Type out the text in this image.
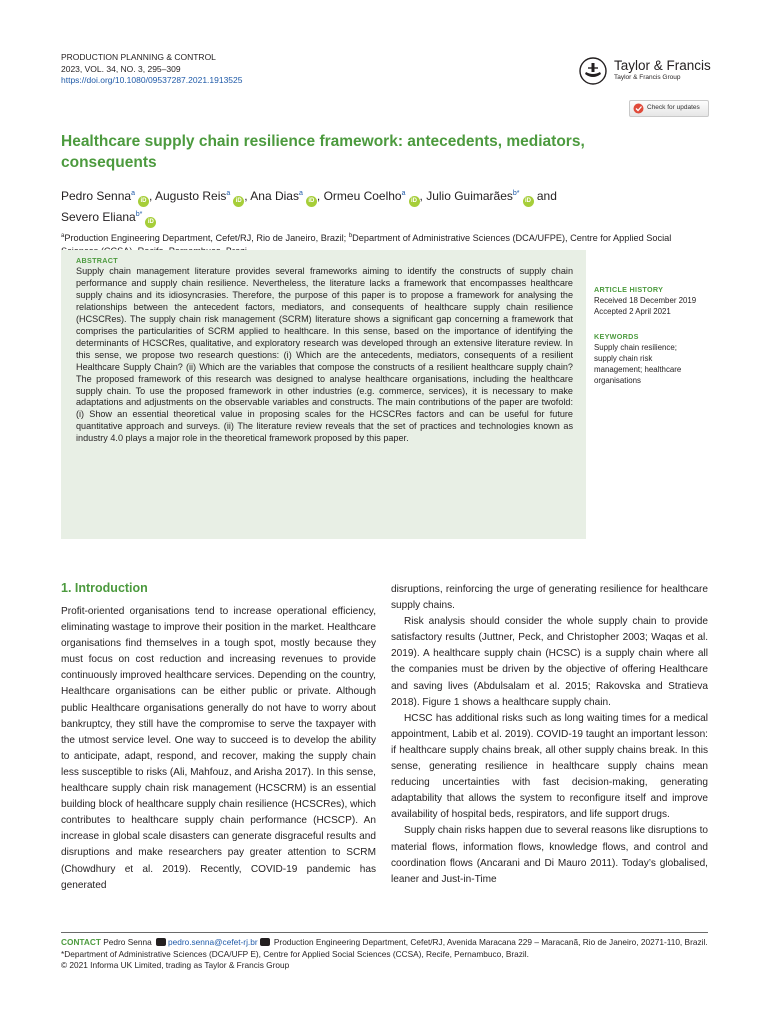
PRODUCTION PLANNING & CONTROL
2023, VOL. 34, NO. 3, 295–309
https://doi.org/10.1080/09537287.2021.1913525
Taylor & Francis
Taylor & Francis Group
Check for updates
Healthcare supply chain resilience framework: antecedents, mediators, consequents
Pedro Senna$^a$iD , Augusto Reis$^a$iD , Ana Dias$^a$iD , Ormeu Coelho$^a$iD , Julio Guimarães$^{b*}$iD and
Severo Eliana$^{b*}$iD
$^a$Production Engineering Department, Cefet/RJ, Rio de Janeiro, Brazil; $^b$Department of Administrative Sciences (DCA/UFPE), Centre for Applied Social
ABSTRACT
Supply chain management literature provides several frameworks aiming to identify the constructs of supply chain performance and supply chain resilience. Nevertheless, the literature lacks a framework that encompasses healthcare supply chains and its idiosyncrasies. Therefore, the purpose of this paper is to propose a framework for analysing the relationships between the antecedent factors, mediators, and consequents of healthcare supply chain resilience (HCSCRes). The supply chain risk management (SCRM) literature shows a significant gap concerning a framework that comprises the particularities of SCRM applied to healthcare. In this sense, based on the importance of identifying the determinants of HCSCRes, qualitative, and exploratory research was developed through an extensive literature review. In this sense, we propose two research questions: (i) Which are the antecedents, mediators, consequents of a resilient Healthcare Supply Chain? (ii) Which are the variables that compose the constructs of a resilient healthcare supply chain? The proposed framework of this research was designed to analyse healthcare organisations, including the healthcare supply chain. To use the proposed framework in other industries (e.g. commerce, services), it is necessary to make adaptations and adjustments on the observable variables and constructs. The main contributions of the paper are twofold: (i) Show an essential theoretical value in proposing scales for the HCSCRes factors and can be useful for future quantitative approach and surveys. (ii) The literature review reveals that the set of practices and technologies known as industry 4.0 plays a major role in the theoretical framework proposed by this paper.
ARTICLE HISTORY
Received 18 December 2019
Accepted 2 April 2021
KEYWORDS
Supply chain resilience; supply chain risk management; healthcare organisations
1. Introduction

Profit-oriented organisations tend to increase operational efficiency, eliminating wastage to improve their position in the market. Healthcare organisations find themselves in a tough spot, mostly because they must focus on cost reduction and increasing revenues to provide continuously improved healthcare services. Depending on the country, Healthcare organisations can be either public or private. Although public Healthcare organisations generally do not have to worry about bankruptcy, they still have the compromise to serve the taxpayer with the utmost service level. One way to succeed is to develop the ability to anticipate, adapt, respond, and recover, making the supply chain less susceptible to risks (Ali, Mahfouz, and Arisha 2017). In this sense, healthcare supply chain risk management (HCSCRM) is an essential building block of healthcare supply chain resilience (HCSCRes), which contributes to healthcare supply chain performance (HCSCP). An increase in global scale disasters can generate disgraceful results and disruptions and make researchers pay greater attention to SCRM (Chowdhury et al. 2019). Recently, COVID-19 pandemic has generated

disruptions, reinforcing the urge of generating resilience for healthcare supply chains.

Risk analysis should consider the whole supply chain to provide satisfactory results (Juttner, Peck, and Christopher 2003; Waqas et al. 2019). A healthcare supply chain (HCSC) is a supply chain where all the companies must be driven by the objective of offering Healthcare and saving lives (Abdulsalam et al. 2015; Rakovska and Stratieva 2018). Figure 1 shows a healthcare supply chain.

HCSC has additional risks such as long waiting times for a medical appointment, Labib et al. 2019). COVID-19 taught an important lesson: if healthcare supply chains break, all other supply chains break. In this sense, generating resilience in healthcare supply chains mean reducing uncertainties with fast decision-making, generating adaptability that allows the system to reconfigure itself and improve availability of hospital beds, respirators, and life support drugs.

Supply chain risks happen due to several reasons like disruptions to material flows, information flows, knowledge flows, and control and coordination flows (Ancarani and Di Mauro 2011). Today’s globalised, leaner and Just-in-Time

CONTACT Pedro Senna pedro.senna@cefet-rj.br Production Engineering Department, Cefet/RJ, Avenida Maracana 229 – Maracanã, Rio de Janeiro, 20271-110, Brazil.
*Department of Administrative Sciences (DCA/UFP E), Centre for Applied Social Sciences (CCSA), Recife, Pernambuco, Brazil.
© 2021 Informa UK Limited, trading as Taylor & Francis Group
